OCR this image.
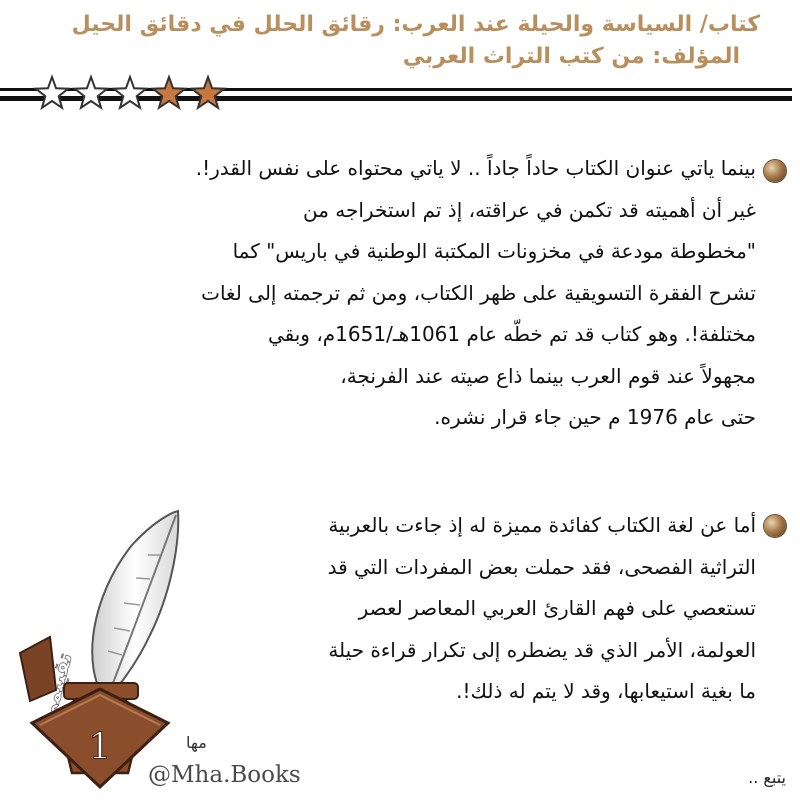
كتاب/ السياسة والحيلة عند العرب: رقائق الحلل في دقائق الحيل
المؤلف: من كتب التراث العربي
بينما ياتي عنوان الكتاب حاداً جاداً .. لا ياتي محتواه على نفس القدر!.
غير أن أهميته قد تكمن في عراقته، إذ تم استخراجه من
"مخطوطة مودعة في مخزونات المكتبة الوطنية في باريس" كما
تشرح الفقرة التسويقية على ظهر الكتاب، ومن ثم ترجمته إلى لغات
مختلفة!. وهو كتاب قد تم خطّه عام 1061هـ/1651م، وبقي
مجهولاً عند قوم العرب بينما ذاع صيته عند الفرنجة،
حتى عام 1976 م حين جاء قرار نشره.
أما عن لغة الكتاب كفائدة مميزة له إذ جاءت بالعربية
التراثية الفصحى، فقد حملت بعض المفردات التي قد
تستعصي على فهم القارئ العربي المعاصر لعصر
العولمة، الأمر الذي قد يضطره إلى تكرار قراءة حيلة
ما بغية استيعابها، وقد لا يتم له ذلك!.
1	مها
@Mha.Books	يتبع ..
